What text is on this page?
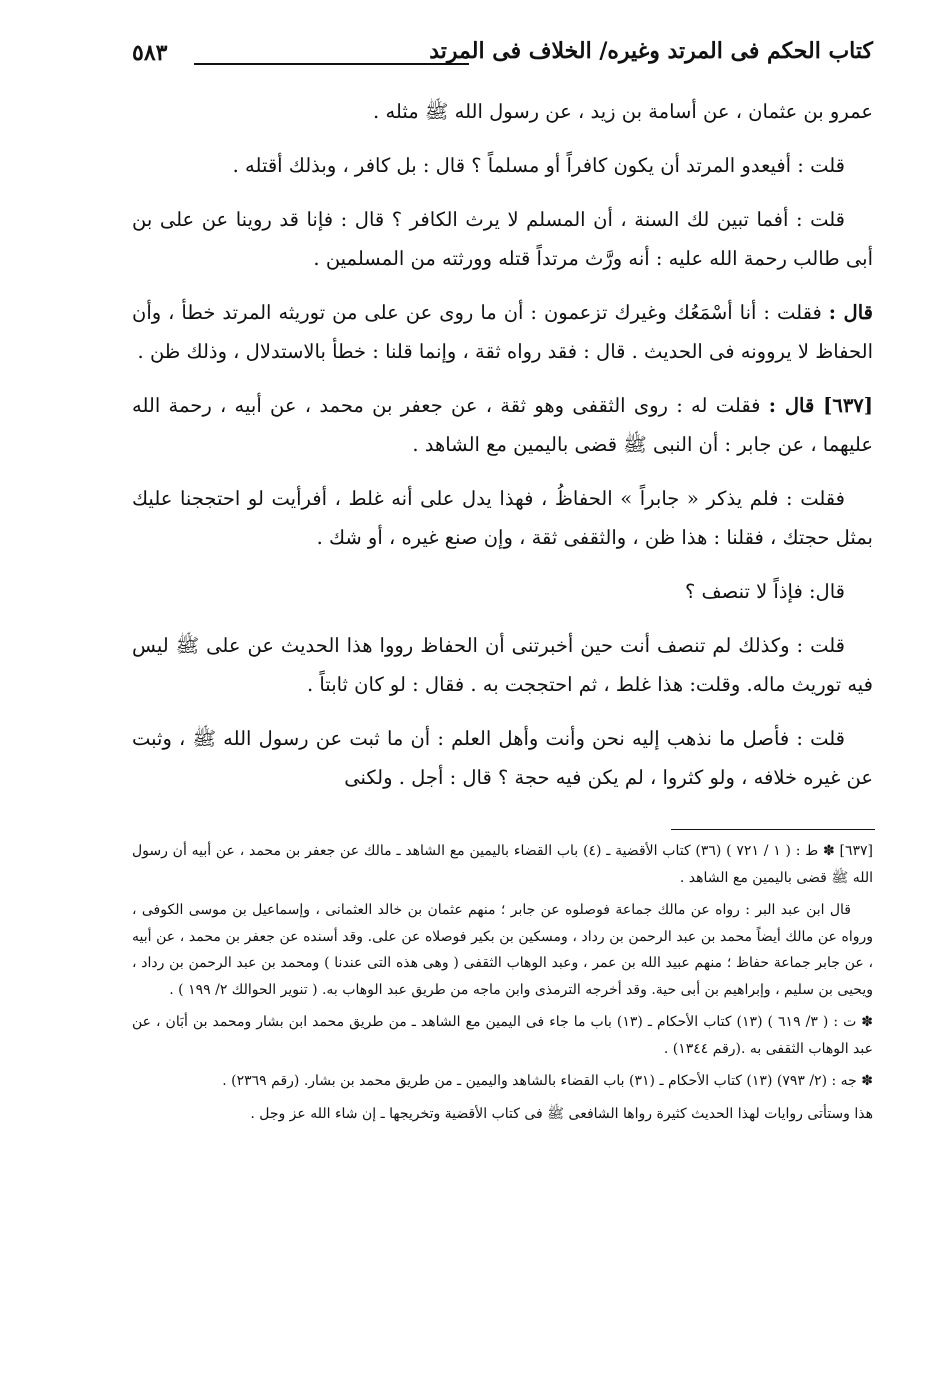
كتاب الحكم فى المرتد وغيره/ الخلاف فى المرتد
٥٨٣

عمرو بن عثمان ، عن أسامة بن زيد ، عن رسول الله ﷺ مثله .

قلت : أفيعدو المرتد أن يكون كافراً أو مسلماً ؟ قال : بل كافر ، وبذلك أقتله .

قلت : أفما تبين لك السنة ، أن المسلم لا يرث الكافر ؟ قال : فإنا قد روينا عن على بن أبى طالب رحمة الله عليه : أنه ورَّث مرتداً قتله وورثته من المسلمين .

قال : فقلت : أنا أسْمَعُك وغيرك تزعمون : أن ما روى عن على من توريثه المرتد خطأ ، وأن الحفاظ لا يروونه فى الحديث . قال : فقد رواه ثقة ، وإنما قلنا : خطأ بالاستدلال ، وذلك ظن .

[٦٣٧] قال : فقلت له : روى الثقفى وهو ثقة ، عن جعفر بن محمد ، عن أبيه ، رحمة الله عليهما ، عن جابر : أن النبى ﷺ قضى باليمين مع الشاهد .

فقلت : فلم يذكر « جابراً » الحفاظُ ، فهذا يدل على أنه غلط ، أفرأيت لو احتججنا عليك بمثل حجتك ، فقلنا : هذا ظن ، والثقفى ثقة ، وإن صنع غيره ، أو شك .

قال: فإذاً لا تنصف ؟

قلت : وكذلك لم تنصف أنت حين أخبرتنى أن الحفاظ رووا هذا الحديث عن على ﷺ ليس فيه توريث ماله. وقلت: هذا غلط ، ثم احتججت به . فقال : لو كان ثابتاً .

قلت : فأصل ما نذهب إليه نحن وأنت وأهل العلم : أن ما ثبت عن رسول الله ﷺ ، وثبت عن غيره خلافه ، ولو كثروا ، لم يكن فيه حجة ؟ قال : أجل . ولكنى

[٦٣٧] ✽ ط : ( ١ / ٧٢١ ) (٣٦) كتاب الأقضية ـ (٤) باب القضاء باليمين مع الشاهد ـ مالك عن جعفر بن محمد ، عن أبيه أن رسول الله ﷺ قضى باليمين مع الشاهد .

قال ابن عبد البر : رواه عن مالك جماعة فوصلوه عن جابر ؛ منهم عثمان بن خالد العثمانى ، وإسماعيل بن موسى الكوفى ، ورواه عن مالك أيضاً محمد بن عبد الرحمن بن رداد ، ومسكين بن بكير فوصلاه عن على. وقد أسنده عن جعفر بن محمد ، عن أبيه ، عن جابر جماعة حفاظ ؛ منهم عبيد الله بن عمر ، وعبد الوهاب الثقفى ( وهى هذه التى عندنا ) ومحمد بن عبد الرحمن بن رداد ، ويحيى بن سليم ، وإبراهيم بن أبى حية. وقد أخرجه الترمذى وابن ماجه من طريق عبد الوهاب به. ( تنوير الحوالك ٢/ ١٩٩ ) .

✽ ت : ( ٣/ ٦١٩ ) (١٣) كتاب الأحكام ـ (١٣) باب ما جاء فى اليمين مع الشاهد ـ من طريق محمد ابن بشار ومحمد بن أبَان ، عن عبد الوهاب الثقفى به .(رقم ١٣٤٤) .

✽ جه : (٢/ ٧٩٣) (١٣) كتاب الأحكام ـ (٣١) باب القضاء بالشاهد واليمين ـ من طريق محمد بن بشار. (رقم ٢٣٦٩) .

هذا وستأتى روايات لهذا الحديث كثيرة رواها الشافعى ﷺ فى كتاب الأقضية وتخريجها ـ إن شاء الله عز وجل .
